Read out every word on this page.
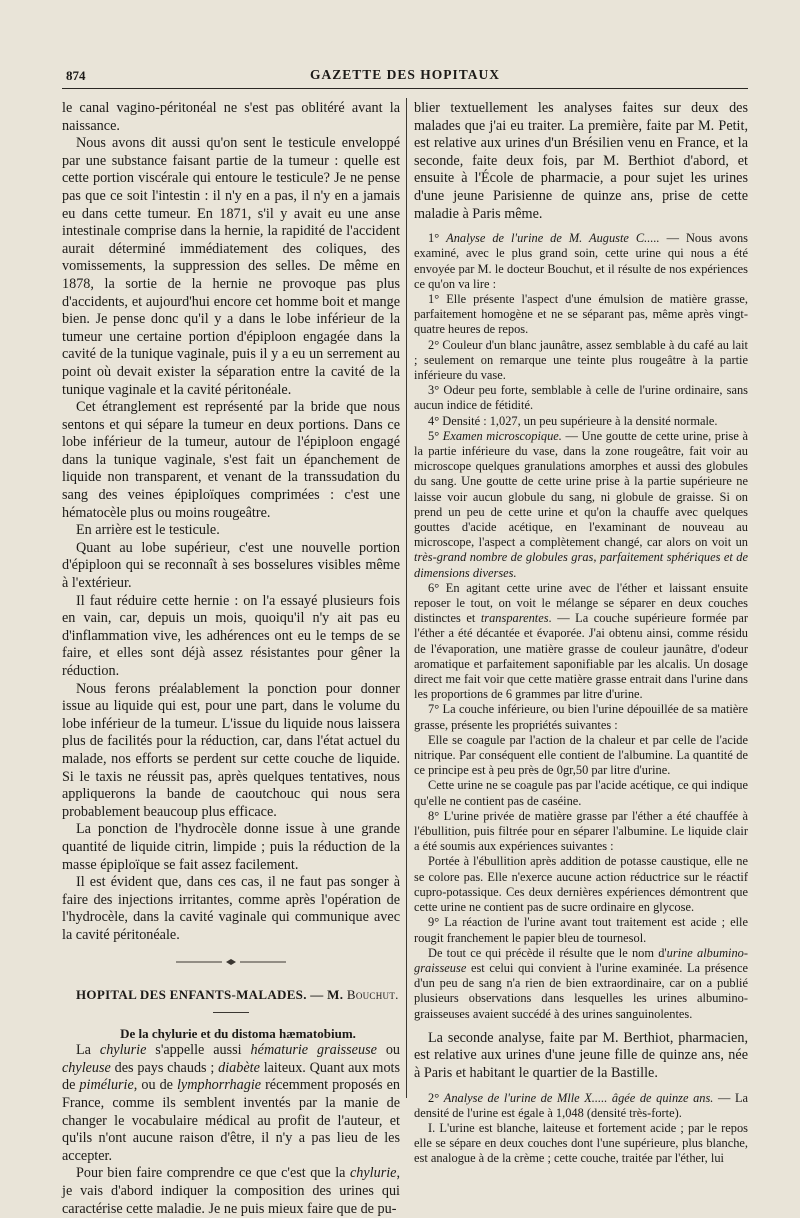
874	GAZETTE DES HOPITAUX

le canal vagino-péritonéal ne s'est pas oblitéré avant la naissance.

Nous avons dit aussi qu'on sent le testicule enveloppé par une substance faisant partie de la tumeur : quelle est cette portion viscérale qui entoure le testicule? Je ne pense pas que ce soit l'intestin : il n'y en a pas, il n'y en a jamais eu dans cette tumeur. En 1871, s'il y avait eu une anse intestinale comprise dans la hernie, la rapidité de l'accident aurait déterminé immédiatement des coliques, des vomissements, la suppression des selles. De même en 1878, la sortie de la hernie ne provoque pas plus d'accidents, et aujourd'hui encore cet homme boit et mange bien. Je pense donc qu'il y a dans le lobe inférieur de la tumeur une certaine portion d'épiploon engagée dans la cavité de la tunique vaginale, puis il y a eu un serrement au point où devait exister la séparation entre la cavité de la tunique vaginale et la cavité péritonéale.

Cet étranglement est représenté par la bride que nous sentons et qui sépare la tumeur en deux portions. Dans ce lobe inférieur de la tumeur, autour de l'épiploon engagé dans la tunique vaginale, s'est fait un épanchement de liquide non transparent, et venant de la transsudation du sang des veines épiploïques comprimées : c'est une hématocèle plus ou moins rougeâtre.

En arrière est le testicule.

Quant au lobe supérieur, c'est une nouvelle portion d'épiploon qui se reconnaît à ses bosselures visibles même à l'extérieur.

Il faut réduire cette hernie : on l'a essayé plusieurs fois en vain, car, depuis un mois, quoiqu'il n'y ait pas eu d'inflammation vive, les adhérences ont eu le temps de se faire, et elles sont déjà assez résistantes pour gêner la réduction.

Nous ferons préalablement la ponction pour donner issue au liquide qui est, pour une part, dans le volume du lobe inférieur de la tumeur. L'issue du liquide nous laissera plus de facilités pour la réduction, car, dans l'état actuel du malade, nos efforts se perdent sur cette couche de liquide. Si le taxis ne réussit pas, après quelques tentatives, nous appliquerons la bande de caoutchouc qui nous sera probablement beaucoup plus efficace.

La ponction de l'hydrocèle donne issue à une grande quantité de liquide citrin, limpide ; puis la réduction de la masse épiploïque se fait assez facilement.

Il est évident que, dans ces cas, il ne faut pas songer à faire des injections irritantes, comme après l'opération de l'hydrocèle, dans la cavité vaginale qui communique avec la cavité péritonéale.

HOPITAL DES ENFANTS-MALADES. — M. Bouchut.

De la chylurie et du distoma hæmatobium.

La chylurie s'appelle aussi hématurie graisseuse ou chyleuse des pays chauds ; diabète laiteux. Quant aux mots de piméluriе, ou de lymphorrhagie récemment proposés en France, comme ils semblent inventés par la manie de changer le vocabulaire médical au profit de l'auteur, et qu'ils n'ont aucune raison d'être, il n'y a pas lieu de les accepter.

Pour bien faire comprendre ce que c'est que la chylurie, je vais d'abord indiquer la composition des urines qui caractérise cette maladie. Je ne puis mieux faire que de pu-

blier textuellement les analyses faites sur deux des malades que j'ai eu traiter. La première, faite par M. Petit, est relative aux urines d'un Brésilien venu en France, et la seconde, faite deux fois, par M. Berthiot d'abord, et ensuite à l'École de pharmacie, a pour sujet les urines d'une jeune Parisienne de quinze ans, prise de cette maladie à Paris même.

1° Analyse de l'urine de M. Auguste C..... — Nous avons examiné, avec le plus grand soin, cette urine qui nous a été envoyée par M. le docteur Bouchut, et il résulte de nos expériences ce qu'on va lire :

1° Elle présente l'aspect d'une émulsion de matière grasse, parfaitement homogène et ne se séparant pas, même après vingt-quatre heures de repos.

2° Couleur d'un blanc jaunâtre, assez semblable à du café au lait ; seulement on remarque une teinte plus rougeâtre à la partie inférieure du vase.

3° Odeur peu forte, semblable à celle de l'urine ordinaire, sans aucun indice de fétidité.

4° Densité : 1,027, un peu supérieure à la densité normale.

5° Examen microscopique. — Une goutte de cette urine, prise à la partie inférieure du vase, dans la zone rougeâtre, fait voir au microscope quelques granulations amorphes et aussi des globules du sang. Une goutte de cette urine prise à la partie supérieure ne laisse voir aucun globule du sang, ni globule de graisse. Si on prend un peu de cette urine et qu'on la chauffe avec quelques gouttes d'acide acétique, en l'examinant de nouveau au microscope, l'aspect a complètement changé, car alors on voit un très-grand nombre de globules gras, parfaitement sphériques et de dimensions diverses.

6° En agitant cette urine avec de l'éther et laissant ensuite reposer le tout, on voit le mélange se séparer en deux couches distinctes et transparentes. — La couche supérieure formée par l'éther a été décantée et évaporée. J'ai obtenu ainsi, comme résidu de l'évaporation, une matière grasse de couleur jaunâtre, d'odeur aromatique et parfaitement saponifiable par les alcalis. Un dosage direct me fait voir que cette matière grasse entrait dans l'urine dans les proportions de 6 grammes par litre d'urine.

7° La couche inférieure, ou bien l'urine dépouillée de sa matière grasse, présente les propriétés suivantes :

Elle se coagule par l'action de la chaleur et par celle de l'acide nitrique. Par conséquent elle contient de l'albumine. La quantité de ce principe est à peu près de 0gr,50 par litre d'urine.

Cette urine ne se coagule pas par l'acide acétique, ce qui indique qu'elle ne contient pas de caséine.

8° L'urine privée de matière grasse par l'éther a été chauffée à l'ébullition, puis filtrée pour en séparer l'albumine. Le liquide clair a été soumis aux expériences suivantes :

Portée à l'ébullition après addition de potasse caustique, elle ne se colore pas. Elle n'exerce aucune action réductrice sur le réactif cupro-potassique. Ces deux dernières expériences démontrent que cette urine ne contient pas de sucre ordinaire en glycose.

9° La réaction de l'urine avant tout traitement est acide ; elle rougit franchement le papier bleu de tournesol.

De tout ce qui précède il résulte que le nom d'urine albumino-graisseuse est celui qui convient à l'urine examinée. La présence d'un peu de sang n'a rien de bien extraordinaire, car on a publié plusieurs observations dans lesquelles les urines albumino-graisseuses avaient succédé à des urines sanguinolentes.

La seconde analyse, faite par M. Berthiot, pharmacien, est relative aux urines d'une jeune fille de quinze ans, née à Paris et habitant le quartier de la Bastille.

2° Analyse de l'urine de Mlle X..... âgée de quinze ans. — La densité de l'urine est égale à 1,048 (densité très-forte).

I. L'urine est blanche, laiteuse et fortement acide ; par le repos elle se sépare en deux couches dont l'une supérieure, plus blanche, est analogue à de la crème ; cette couche, traitée par l'éther, lui
